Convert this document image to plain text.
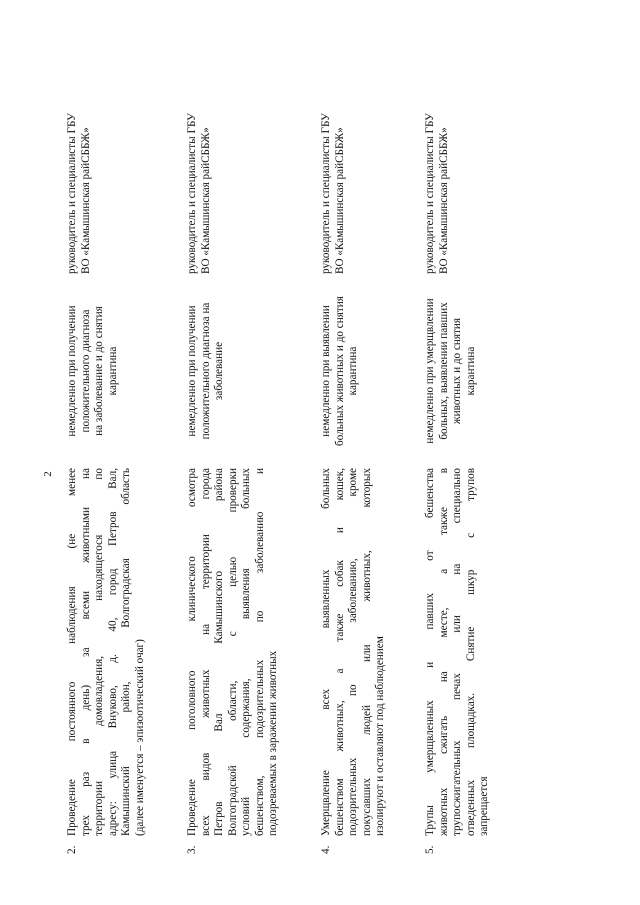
2
2.
Проведение постоянного наблюдения (не менее трех раз в день) за всеми животными на территории домовладения, находящегося по адресу: улица Внуково, д. 40, город Петров Вал, Камышинский район, Волгоградская область (далее именуется – эпизоотический очаг)
немедленно при получении положительного диагноза на заболевание и до снятия карантина
руководитель и специалисты ГБУ ВО «Камышинская райСББЖ»
3.
Проведение поголовного клинического осмотра всех видов животных на территории города Петров Вал Камышинского района Волгоградской области, с целью проверки условий содержания, выявления больных бешенством, подозрительных по заболеванию и подозреваемых в заражении животных
немедленно при получении положительного диагноза на заболевание
руководитель и специалисты ГБУ ВО «Камышинская райСББЖ»
4.
Умерщвление всех выявленных больных бешенством животных, а также собак и кошек, подозрительных по заболеванию, кроме покусавших людей или животных, которых изолируют и оставляют под наблюдением
немедленно при выявлении больных животных и до снятия карантина
руководитель и специалисты ГБУ ВО «Камышинская райСББЖ»
5.
Трупы умерщвленных и павших от бешенства животных сжигать на месте, а также в трупосжигательных печах или на специально отведенных площадках. Снятие шкур с трупов запрещается
немедленно при умерщвлении больных, выявлении павших животных и до снятия карантина
руководитель и специалисты ГБУ ВО «Камышинская райСББЖ»
